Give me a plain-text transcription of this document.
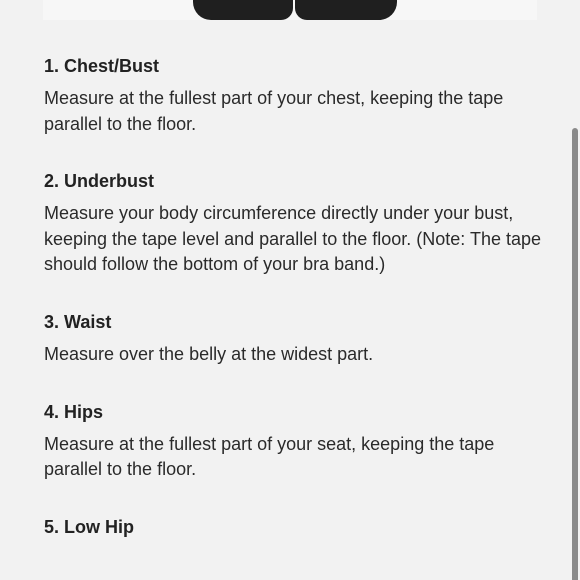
1. Chest/Bust

Measure at the fullest part of your chest, keeping the tape parallel to the floor.

2. Underbust

Measure your body circumference directly under your bust, keeping the tape level and parallel to the floor. (Note: The tape should follow the bottom of your bra band.)

3. Waist

Measure over the belly at the widest part.

4. Hips

Measure at the fullest part of your seat, keeping the tape parallel to the floor.

5. Low Hip
